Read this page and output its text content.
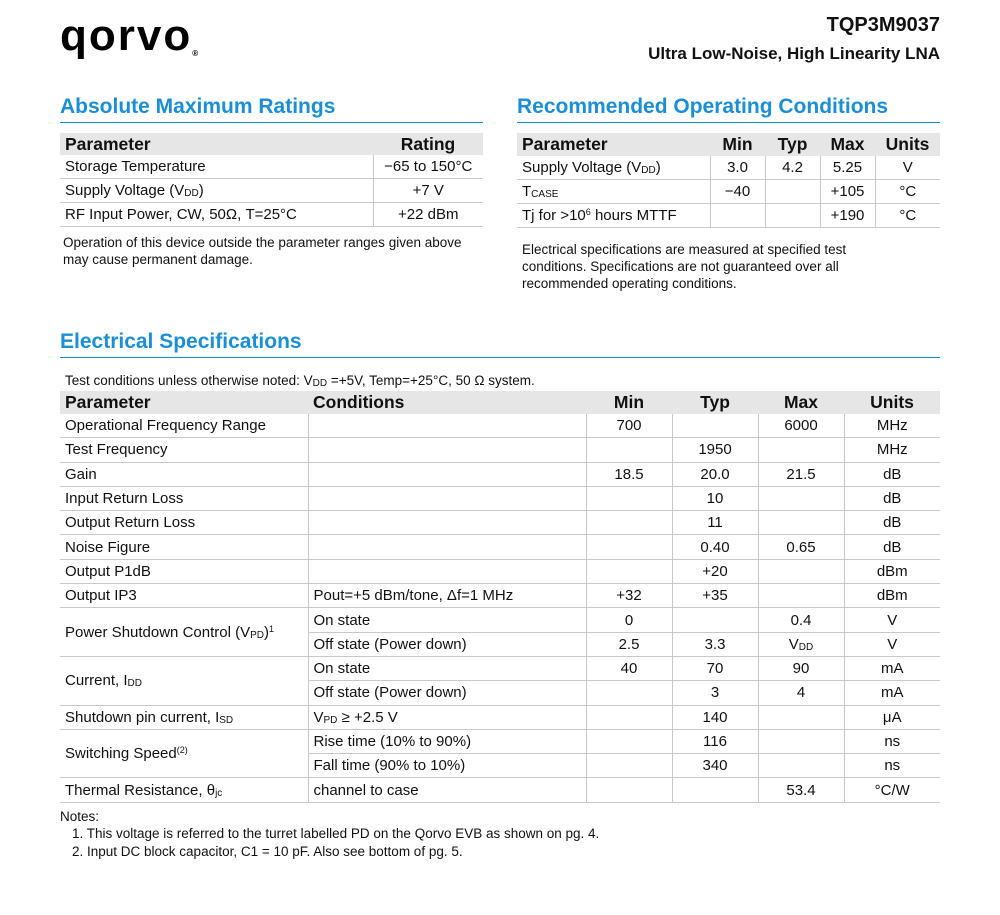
qorvo®
TQP3M9037
Ultra Low-Noise, High Linearity LNA
Absolute Maximum Ratings
Parameter	Rating
Storage Temperature	−65 to 150°C
Supply Voltage (VDD)	+7 V
RF Input Power, CW, 50Ω, T=25°C	+22 dBm
Operation of this device outside the parameter ranges given above may cause permanent damage.
Recommended Operating Conditions
Parameter	Min	Typ	Max	Units
Supply Voltage (VDD)	3.0	4.2	5.25	V
TCASE	−40		+105	°C
Tj for $>10^6$ hours MTTF			+190	°C
Electrical specifications are measured at specified test conditions. Specifications are not guaranteed over all recommended operating conditions.
Electrical Specifications
Test conditions unless otherwise noted: VDD =+5V, Temp=+25°C, 50 Ω system.
Parameter	Conditions	Min	Typ	Max	Units
Operational Frequency Range		700		6000	MHz
Test Frequency			1950		MHz
Gain		18.5	20.0	21.5	dB
Input Return Loss			10		dB
Output Return Loss			11		dB
Noise Figure			0.40	0.65	dB
Output P1dB			+20		dBm
Output IP3	Pout=+5 dBm/tone, Δf=1 MHz	+32	+35		dBm
Power Shutdown Control (VPD)$^1$	On state	0		0.4	V
	Off state (Power down)	2.5	3.3	VDD	V
Current, IDD	On state	40	70	90	mA
	Off state (Power down)		3	4	mA
Shutdown pin current, ISD	VPD ≥ +2.5 V		140		μA
Switching Speed$^{(2)}$	Rise time (10% to 90%)		116		ns
	Fall time (90% to 10%)		340		ns
Thermal Resistance, θjc	channel to case			53.4	°C/W
Notes:
1. This voltage is referred to the turret labelled PD on the Qorvo EVB as shown on pg. 4.
2. Input DC block capacitor, C1 = 10 pF. Also see bottom of pg. 5.
